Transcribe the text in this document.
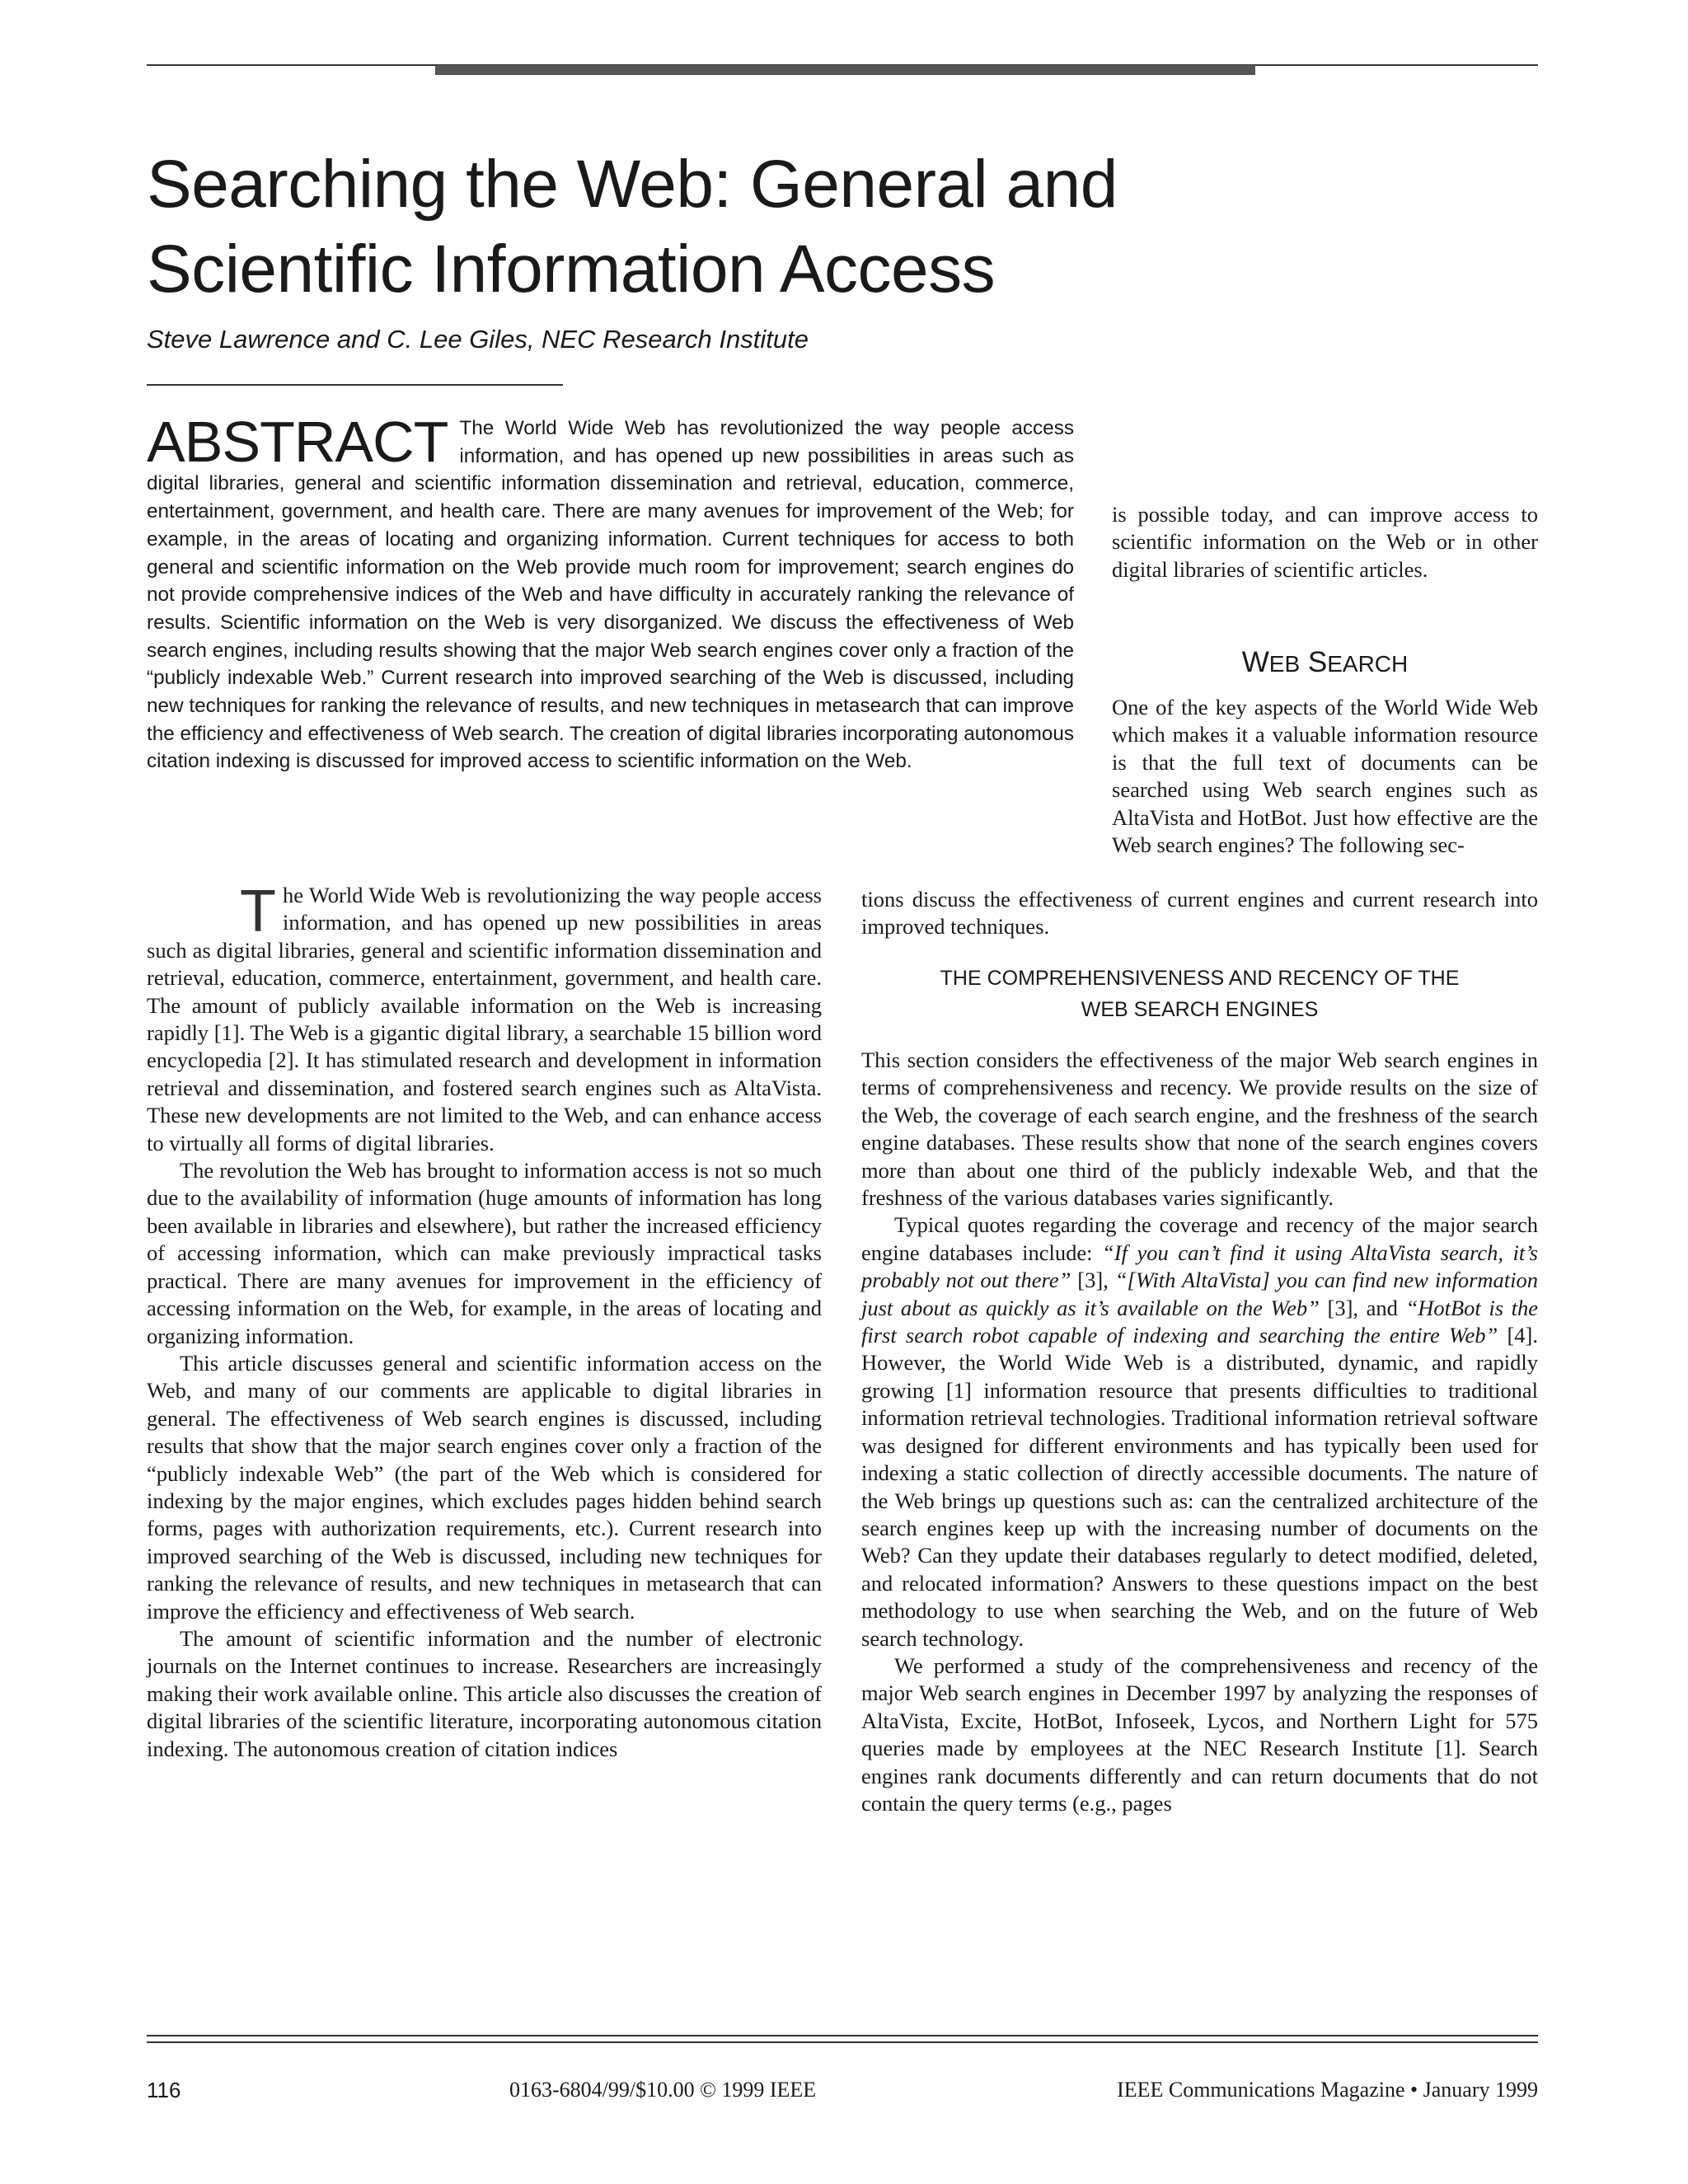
Searching the Web: General and
Scientific Information Access
Steve Lawrence and C. Lee Giles, NEC Research Institute
ABSTRACT The World Wide Web has revolutionized the way people access information, and has opened up new possibilities in areas such as digital libraries, general and scientific information dissemination and retrieval, education, commerce, entertainment, government, and health care. There are many avenues for improvement of the Web; for example, in the areas of locating and organizing information. Current techniques for access to both general and scientific information on the Web provide much room for improvement; search engines do not provide comprehensive indices of the Web and have difficulty in accurately ranking the relevance of results. Scientific information on the Web is very disorganized. We discuss the effectiveness of Web search engines, including results showing that the major Web search engines cover only a fraction of the “publicly indexable Web.” Current research into improved searching of the Web is discussed, including new techniques for ranking the relevance of results, and new techniques in metasearch that can improve the efficiency and effectiveness of Web search. The creation of digital libraries incorporating autonomous citation indexing is discussed for improved access to scientific information on the Web.

is possible today, and can improve access to scientific information on the Web or in other digital libraries of scientific articles.

WEB SEARCH

One of the key aspects of the World Wide Web which makes it a valuable information resource is that the full text of documents can be searched using Web search engines such as AltaVista and HotBot. Just how effective are the Web search engines? The following sec-

tions discuss the effectiveness of current engines and current research into improved techniques.

THE COMPREHENSIVENESS AND RECENCY OF THE
WEB SEARCH ENGINES

This section considers the effectiveness of the major Web search engines in terms of comprehensiveness and recency. We provide results on the size of the Web, the coverage of each search engine, and the freshness of the search engine databases. These results show that none of the search engines covers more than about one third of the publicly indexable Web, and that the freshness of the various databases varies significantly.

Typical quotes regarding the coverage and recency of the major search engine databases include: “If you can’t find it using AltaVista search, it’s probably not out there” [3], “[With AltaVista] you can find new information just about as quickly as it’s available on the Web” [3], and “HotBot is the first search robot capable of indexing and searching the entire Web” [4]. However, the World Wide Web is a distributed, dynamic, and rapidly growing [1] information resource that presents difficulties to traditional information retrieval technologies. Traditional information retrieval software was designed for different environments and has typically been used for indexing a static collection of directly accessible documents. The nature of the Web brings up questions such as: can the centralized architecture of the search engines keep up with the increasing number of documents on the Web? Can they update their databases regularly to detect modified, deleted, and relocated information? Answers to these questions impact on the best methodology to use when searching the Web, and on the future of Web search technology.

We performed a study of the comprehensiveness and recency of the major Web search engines in December 1997 by analyzing the responses of AltaVista, Excite, HotBot, Infoseek, Lycos, and Northern Light for 575 queries made by employees at the NEC Research Institute [1]. Search engines rank documents differently and can return documents that do not contain the query terms (e.g., pages

The World Wide Web is revolutionizing the way people access information, and has opened up new possibilities in areas such as digital libraries, general and scientific information dissemination and retrieval, education, commerce, entertainment, government, and health care. The amount of publicly available information on the Web is increasing rapidly [1]. The Web is a gigantic digital library, a searchable 15 billion word encyclopedia [2]. It has stimulated research and development in information retrieval and dissemination, and fostered search engines such as AltaVista. These new developments are not limited to the Web, and can enhance access to virtually all forms of digital libraries.

The revolution the Web has brought to information access is not so much due to the availability of information (huge amounts of information has long been available in libraries and elsewhere), but rather the increased efficiency of accessing information, which can make previously impractical tasks practical. There are many avenues for improvement in the efficiency of accessing information on the Web, for example, in the areas of locating and organizing information.

This article discusses general and scientific information access on the Web, and many of our comments are applicable to digital libraries in general. The effectiveness of Web search engines is discussed, including results that show that the major search engines cover only a fraction of the “publicly indexable Web” (the part of the Web which is considered for indexing by the major engines, which excludes pages hidden behind search forms, pages with authorization requirements, etc.). Current research into improved searching of the Web is discussed, including new techniques for ranking the relevance of results, and new techniques in metasearch that can improve the efficiency and effectiveness of Web search.

The amount of scientific information and the number of electronic journals on the Internet continues to increase. Researchers are increasingly making their work available online. This article also discusses the creation of digital libraries of the scientific literature, incorporating autonomous citation indexing. The autonomous creation of citation indices

116	0163-6804/99/$10.00 © 1999 IEEE	IEEE Communications Magazine • January 1999
